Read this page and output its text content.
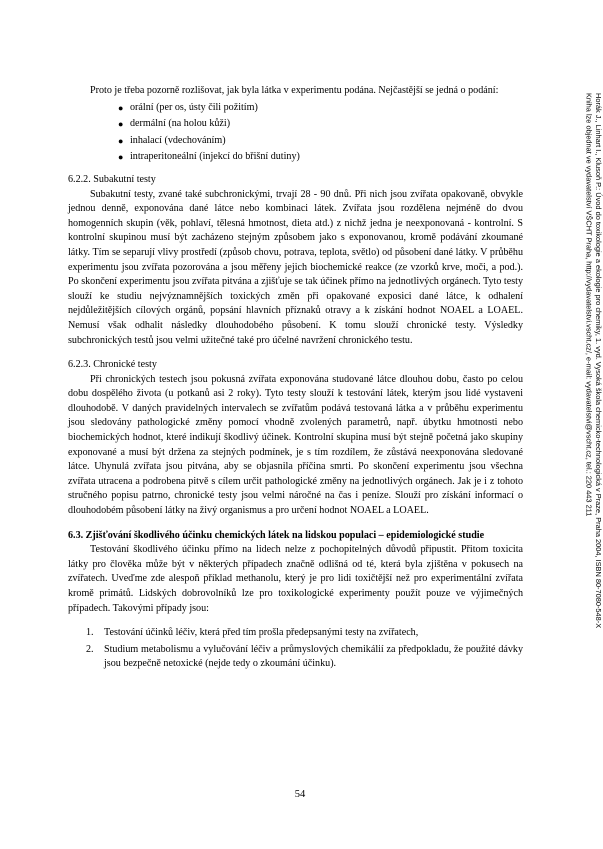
Horák J., Linhart I., Klusoň P.: Úvod do toxikologie a ekologie pro chemiky, 1. vyd. Vysoká škola chemicko-technologická v Praze, Praha 2004, ISBN 80-7080-548-X
Kniha lze objednat ve vydavatelství VŠCHT Praha, http://vydavatelstvi.vscht.cz/, e-mail: vydavatelstvi@vscht.cz, tel.: 220 443 211

Proto je třeba pozorně rozlišovat, jak byla látka v experimentu podána. Nejčastější se jedná o podání:

● orální (per os, ústy čili požitím)
● dermální (na holou kůži)
● inhalací (vdechováním)
● intraperitoneální (injekcí do břišní dutiny)

6.2.2. Subakutní testy

Subakutní testy, zvané také subchronickými, trvají 28 - 90 dnů. Při nich jsou zvířata opakovaně, obvykle jednou denně, exponována dané látce nebo kombinaci látek. Zvířata jsou rozdělena nejméně do dvou homogenních skupin (věk, pohlaví, tělesná hmotnost, dieta atd.) z nichž jedna je neexponovaná - kontrolní. S kontrolní skupinou musí být zacházeno stejným způsobem jako s exponovanou, kromě podávání zkoumané látky. Tím se separují vlivy prostředí (způsob chovu, potrava, teplota, světlo) od působení dané látky. V průběhu experimentu jsou zvířata pozorována a jsou měřeny jejich biochemické reakce (ze vzorků krve, moči, a pod.). Po skončení experimentu jsou zvířata pitvána a zjišťuje se tak účinek přímo na jednotlivých orgánech. Tyto testy slouží ke studiu nejvýznamnějších toxických změn při opakované exposici dané látce, k odhalení nejdůležitějších cílových orgánů, popsání hlavních příznaků otravy a k získání hodnot NOAEL a LOAEL. Nemusí však odhalit následky dlouhodobého působení. K tomu slouží chronické testy. Výsledky subchronických testů jsou velmi užitečné také pro účelné navržení chronického testu.

6.2.3. Chronické testy

Při chronických testech jsou pokusná zvířata exponována studované látce dlouhou dobu, často po celou dobu dospělého života (u potkanů asi 2 roky). Tyto testy slouží k testování látek, kterým jsou lidé vystaveni dlouhodobě. V daných pravidelných intervalech se zvířatům podává testovaná látka a v průběhu experimentu jsou sledovány pathologické změny pomocí vhodně zvolených parametrů, např. úbytku hmotnosti nebo biochemických hodnot, které indikují škodlivý účinek. Kontrolní skupina musí být stejně početná jako skupiny exponované a musí být držena za stejných podmínek, je s tím rozdílem, že zůstává neexponována sledované látce. Uhynulá zvířata jsou pitvána, aby se objasnila příčina smrti. Po skončení experimentu jsou všechna zvířata utracena a podrobena pitvě s cílem určit pathologické změny na jednotlivých orgánech. Jak je i z tohoto stručného popisu patrno, chronické testy jsou velmi náročné na čas i peníze. Slouží pro získání informací o dlouhodobém působení látky na živý organismus a pro určení hodnot NOAEL a LOAEL.

6.3. Zjišťování škodlivého účinku chemických látek na lidskou populaci – epidemiologické studie

Testování škodlivého účinku přímo na lidech nelze z pochopitelných důvodů připustit. Přitom toxicita látky pro člověka může být v některých případech značně odlišná od té, která byla zjištěna v pokusech na zvířatech. Uveďme zde alespoň příklad methanolu, který je pro lidi toxičtější než pro experimentální zvířata kromě primátů. Lidských dobrovolníků lze pro toxikologické experimenty použít pouze ve výjimečných případech. Takovými případy jsou:

1. Testování účinků léčiv, která před tím prošla předepsanými testy na zvířatech,
2. Studium metabolismu a vylučování léčiv a průmyslových chemikálií za předpokladu, že použité dávky jsou bezpečně netoxické (nejde tedy o zkoumání účinku).
54
